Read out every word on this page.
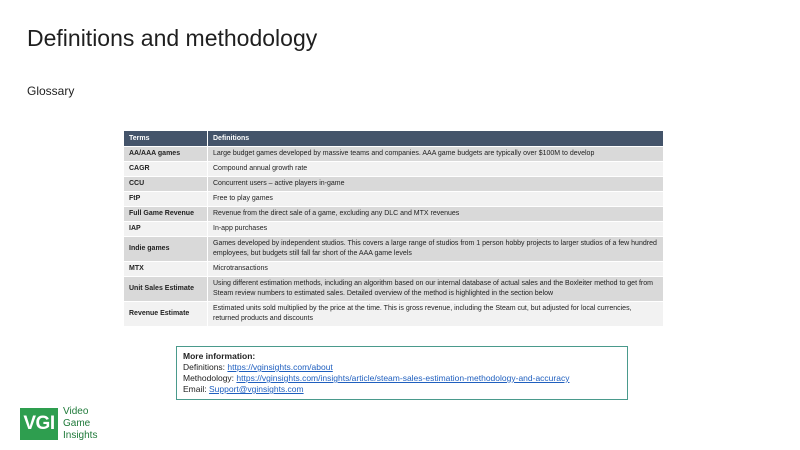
Definitions and methodology
Glossary
Terms	Definitions
AA/AAA games	Large budget games developed by massive teams and companies. AAA game budgets are typically over $100M to develop
CAGR	Compound annual growth rate
CCU	Concurrent users – active players in-game
FtP	Free to play games
Full Game Revenue	Revenue from the direct sale of a game, excluding any DLC and MTX revenues
IAP	In-app purchases
Indie games	Games developed by independent studios. This covers a large range of studios from 1 person hobby projects to larger studios of a few hundred employees, but budgets still fall far short of the AAA game levels
MTX	Microtransactions
Unit Sales Estimate	Using different estimation methods, including an algorithm based on our internal database of actual sales and the Boxleiter method to get from Steam review numbers to estimated sales. Detailed overview of the method is highlighted in the section below
Revenue Estimate	Estimated units sold multiplied by the price at the time. This is gross revenue, including the Steam cut, but adjusted for local currencies, returned products and discounts
More information:
Definitions: https://vginsights.com/about
Methodology: https://vginsights.com/insights/article/steam-sales-estimation-methodology-and-accuracy
Email: Support@vginsights.com
VGI
Video
Game
Insights
